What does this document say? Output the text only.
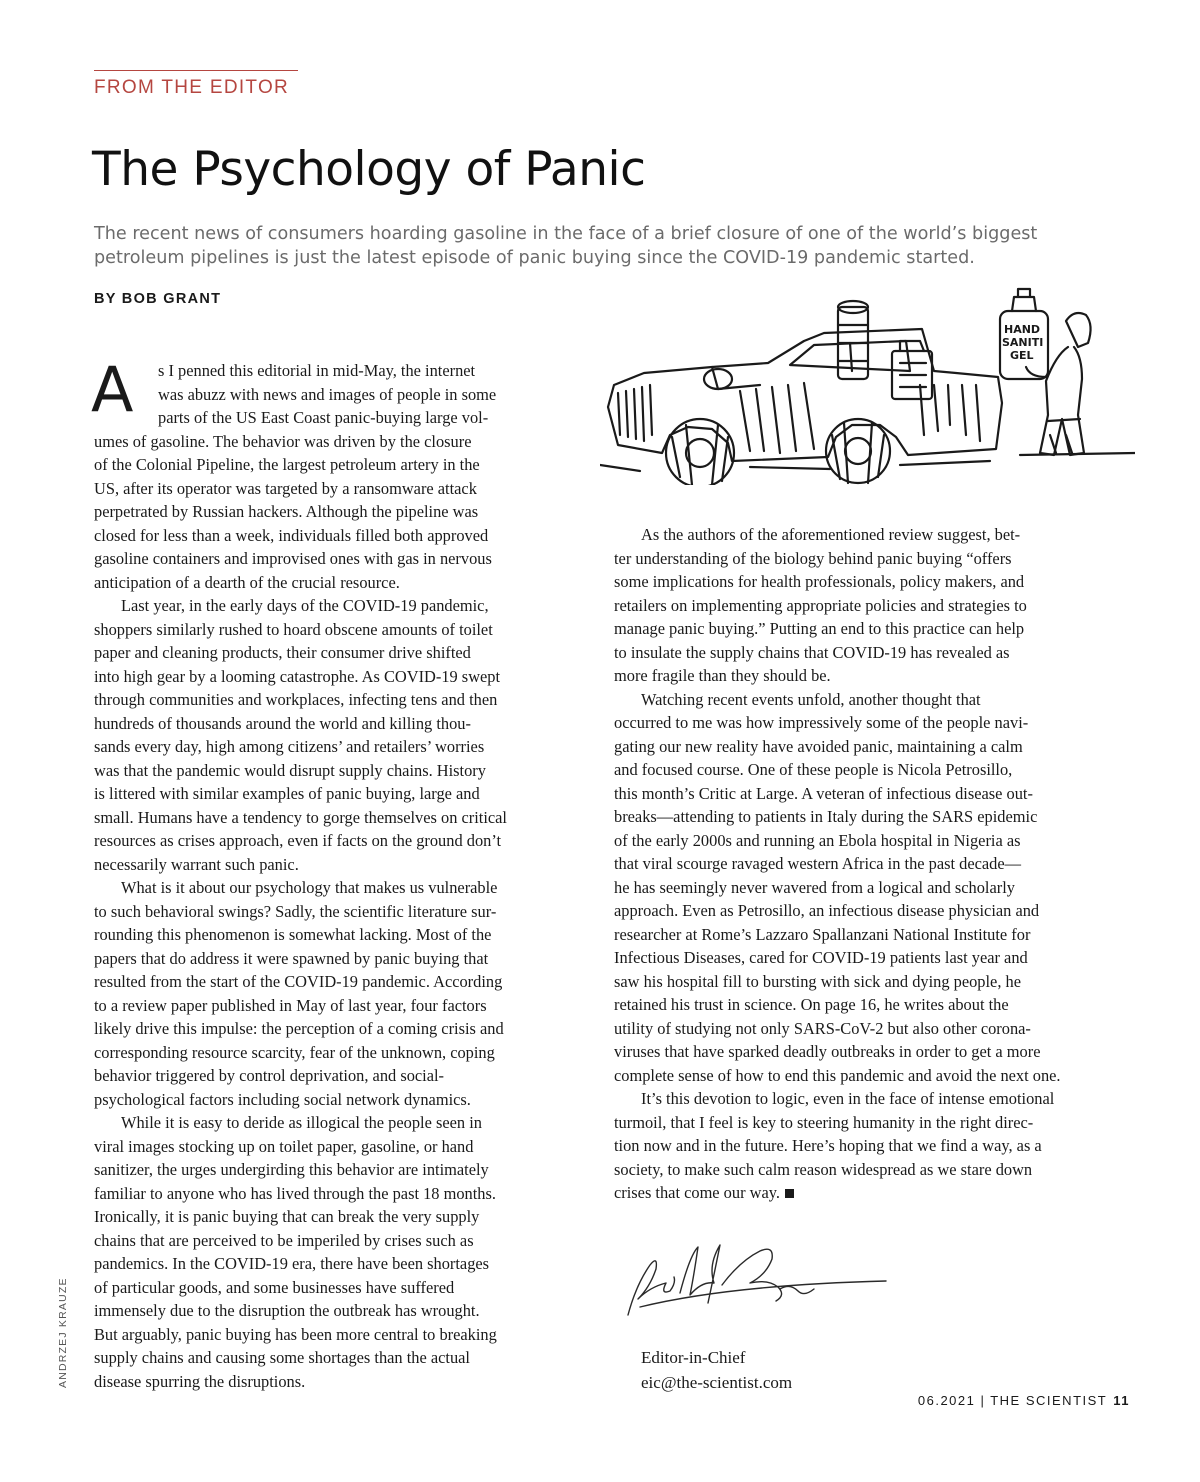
FROM THE EDITOR
The Psychology of Panic

The recent news of consumers hoarding gasoline in the face of a brief closure of one of the world’s biggest
petroleum pipelines is just the latest episode of panic buying since the COVID-19 pandemic started.

BY BOB GRANT
HAND
SANITI
GEL
A	s I penned this editorial in mid-May, the internet
was abuzz with news and images of people in some
parts of the US East Coast panic-buying large vol-
umes of gasoline. The behavior was driven by the closure
of the Colonial Pipeline, the largest petroleum artery in the
US, after its operator was targeted by a ransomware attack
perpetrated by Russian hackers. Although the pipeline was
closed for less than a week, individuals filled both approved
gasoline containers and improvised ones with gas in nervous
anticipation of a dearth of the crucial resource.
Last year, in the early days of the COVID-19 pandemic,
shoppers similarly rushed to hoard obscene amounts of toilet
paper and cleaning products, their consumer drive shifted
into high gear by a looming catastrophe. As COVID-19 swept
through communities and workplaces, infecting tens and then
hundreds of thousands around the world and killing thou-
sands every day, high among citizens’ and retailers’ worries
was that the pandemic would disrupt supply chains. History
is littered with similar examples of panic buying, large and
small. Humans have a tendency to gorge themselves on critical
resources as crises approach, even if facts on the ground don’t
necessarily warrant such panic.
What is it about our psychology that makes us vulnerable
to such behavioral swings? Sadly, the scientific literature sur-
rounding this phenomenon is somewhat lacking. Most of the
papers that do address it were spawned by panic buying that
resulted from the start of the COVID-19 pandemic. According
to a review paper published in May of last year, four factors
likely drive this impulse: the perception of a coming crisis and
corresponding resource scarcity, fear of the unknown, coping
behavior triggered by control deprivation, and social-
psychological factors including social network dynamics.
While it is easy to deride as illogical the people seen in
viral images stocking up on toilet paper, gasoline, or hand
sanitizer, the urges undergirding this behavior are intimately
familiar to anyone who has lived through the past 18 months.
Ironically, it is panic buying that can break the very supply
chains that are perceived to be imperiled by crises such as
pandemics. In the COVID-19 era, there have been shortages
of particular goods, and some businesses have suffered
immensely due to the disruption the outbreak has wrought.
But arguably, panic buying has been more central to breaking
supply chains and causing some shortages than the actual
disease spurring the disruptions.
As the authors of the aforementioned review suggest, bet-
ter understanding of the biology behind panic buying “offers
some implications for health professionals, policy makers, and
retailers on implementing appropriate policies and strategies to
manage panic buying.” Putting an end to this practice can help
to insulate the supply chains that COVID-19 has revealed as
more fragile than they should be.
Watching recent events unfold, another thought that
occurred to me was how impressively some of the people navi-
gating our new reality have avoided panic, maintaining a calm
and focused course. One of these people is Nicola Petrosillo,
this month’s Critic at Large. A veteran of infectious disease out-
breaks—attending to patients in Italy during the SARS epidemic
of the early 2000s and running an Ebola hospital in Nigeria as
that viral scourge ravaged western Africa in the past decade—
he has seemingly never wavered from a logical and scholarly
approach. Even as Petrosillo, an infectious disease physician and
researcher at Rome’s Lazzaro Spallanzani National Institute for
Infectious Diseases, cared for COVID-19 patients last year and
saw his hospital fill to bursting with sick and dying people, he
retained his trust in science. On page 16, he writes about the
utility of studying not only SARS-CoV-2 but also other corona-
viruses that have sparked deadly outbreaks in order to get a more
complete sense of how to end this pandemic and avoid the next one.
It’s this devotion to logic, even in the face of intense emotional
turmoil, that I feel is key to steering humanity in the right direc-
tion now and in the future. Here’s hoping that we find a way, as a
society, to make such calm reason widespread as we stare down
crises that come our way.
Editor-in-Chief
eic@the-scientist.com
ANDRZEJ KRAUZE
06.2021 | THE SCIENTIST 11
